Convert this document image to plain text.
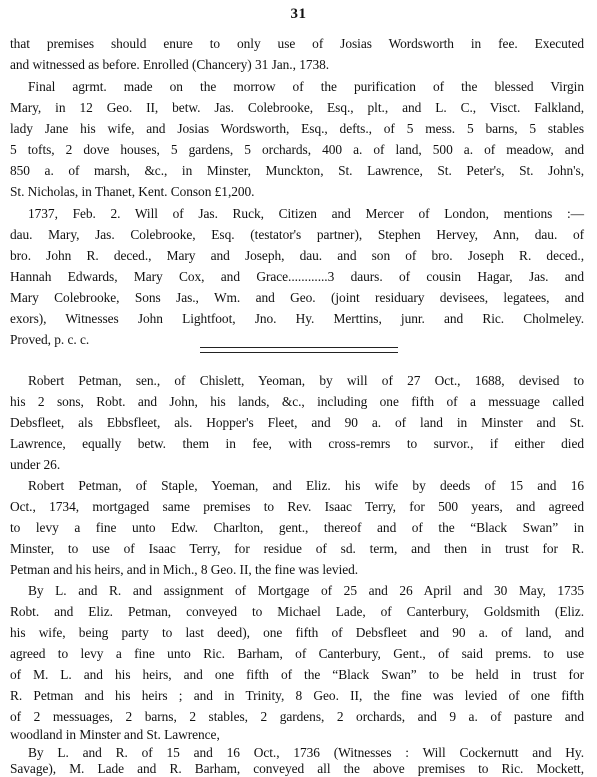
31
that premises should enure to only use of Josias Wordsworth in fee. Executed
and witnessed as before. Enrolled (Chancery) 31 Jan., 1738.
Final agrmt. made on the morrow of the purification of the blessed Virgin
Mary, in 12 Geo. II, betw. Jas. Colebrooke, Esq., plt., and L. C., Visct. Falkland,
lady Jane his wife, and Josias Wordsworth, Esq., defts., of 5 mess. 5 barns, 5 stables
5 tofts, 2 dove houses, 5 gardens, 5 orchards, 400 a. of land, 500 a. of meadow, and
850 a. of marsh, &c., in Minster, Munckton, St. Lawrence, St. Peter's, St. John's,
St. Nicholas, in Thanet, Kent. Conson £1,200.
1737, Feb. 2. Will of Jas. Ruck, Citizen and Mercer of London, mentions :—
dau. Mary, Jas. Colebrooke, Esq. (testator's partner), Stephen Hervey, Ann, dau. of
bro. John R. deced., Mary and Joseph, dau. and son of bro. Joseph R. deced.,
Hannah Edwards, Mary Cox, and Grace............3 daurs. of cousin Hagar, Jas. and
Mary Colebrooke, Sons Jas., Wm. and Geo. (joint residuary devisees, legatees, and
exors), Witnesses John Lightfoot, Jno. Hy. Merttins, junr. and Ric. Cholmeley.
Proved, p. c. c.
Robert Petman, sen., of Chislett, Yeoman, by will of 27 Oct., 1688, devised to
his 2 sons, Robt. and John, his lands, &c., including one fifth of a messuage called
Debsfleet, als Ebbsfleet, als. Hopper's Fleet, and 90 a. of land in Minster and St.
Lawrence, equally betw. them in fee, with cross-remrs to survor., if either died
under 26.
Robert Petman, of Staple, Yoeman, and Eliz. his wife by deeds of 15 and 16
Oct., 1734, mortgaged same premises to Rev. Isaac Terry, for 500 years, and agreed
to levy a fine unto Edw. Charlton, gent., thereof and of the “Black Swan” in
Minster, to use of Isaac Terry, for residue of sd. term, and then in trust for R.
Petman and his heirs, and in Mich., 8 Geo. II, the fine was levied.
By L. and R. and assignment of Mortgage of 25 and 26 April and 30 May, 1735
Robt. and Eliz. Petman, conveyed to Michael Lade, of Canterbury, Goldsmith (Eliz.
his wife, being party to last deed), one fifth of Debsfleet and 90 a. of land, and
agreed to levy a fine unto Ric. Barham, of Canterbury, Gent., of said prems. to use
of M. L. and his heirs, and one fifth of the “Black Swan” to be held in trust for
R. Petman and his heirs ; and in Trinity, 8 Geo. II, the fine was levied of one fifth
of 2 messuages, 2 barns, 2 stables, 2 gardens, 2 orchards, and 9 a. of pasture and
woodland in Minster and St. Lawrence,
By L. and R. of 15 and 16 Oct., 1736 (Witnesses : Will Cockernutt and Hy.
Savage), M. Lade and R. Barham, conveyed all the above premises to Ric. Mockett,
